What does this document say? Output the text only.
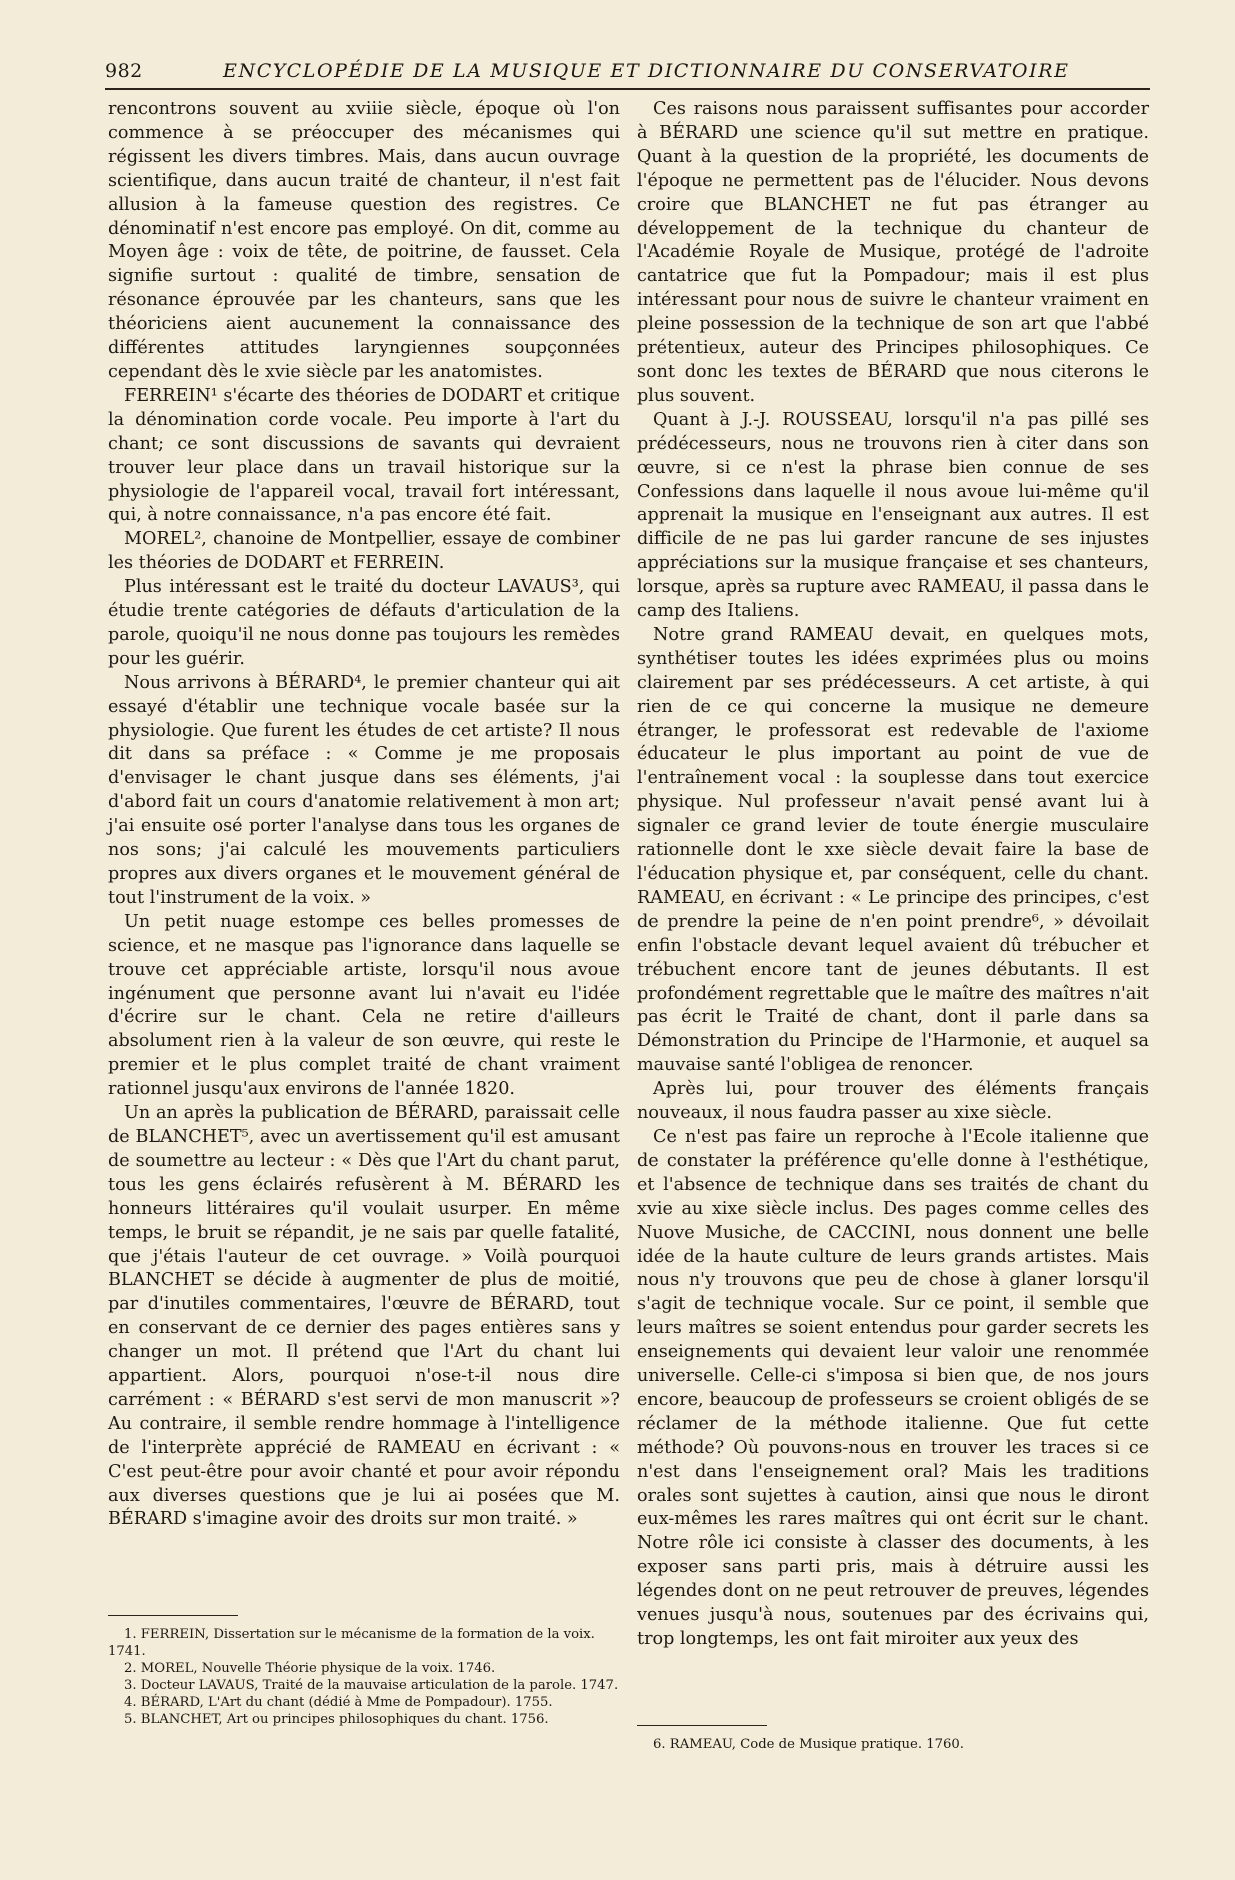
982	ENCYCLOPÉDIE DE LA MUSIQUE ET DICTIONNAIRE DU CONSERVATOIRE

rencontrons souvent au xviiie siècle, époque où l'on commence à se préoccuper des mécanismes qui régissent les divers timbres. Mais, dans aucun ouvrage scientifique, dans aucun traité de chanteur, il n'est fait allusion à la fameuse question des registres. Ce dénominatif n'est encore pas employé. On dit, comme au Moyen âge : voix de tête, de poitrine, de fausset. Cela signifie surtout : qualité de timbre, sensation de résonance éprouvée par les chanteurs, sans que les théoriciens aient aucunement la connaissance des différentes attitudes laryngiennes soupçonnées cependant dès le xvie siècle par les anatomistes.

FERREIN¹ s'écarte des théories de DODART et critique la dénomination corde vocale. Peu importe à l'art du chant; ce sont discussions de savants qui devraient trouver leur place dans un travail historique sur la physiologie de l'appareil vocal, travail fort intéressant, qui, à notre connaissance, n'a pas encore été fait.

MOREL², chanoine de Montpellier, essaye de combiner les théories de DODART et FERREIN.

Plus intéressant est le traité du docteur LAVAUS³, qui étudie trente catégories de défauts d'articulation de la parole, quoiqu'il ne nous donne pas toujours les remèdes pour les guérir.

Nous arrivons à BÉRARD⁴, le premier chanteur qui ait essayé d'établir une technique vocale basée sur la physiologie. Que furent les études de cet artiste? Il nous dit dans sa préface : « Comme je me proposais d'envisager le chant jusque dans ses éléments, j'ai d'abord fait un cours d'anatomie relativement à mon art; j'ai ensuite osé porter l'analyse dans tous les organes de nos sons; j'ai calculé les mouvements particuliers propres aux divers organes et le mouvement général de tout l'instrument de la voix. »

Un petit nuage estompe ces belles promesses de science, et ne masque pas l'ignorance dans laquelle se trouve cet appréciable artiste, lorsqu'il nous avoue ingénument que personne avant lui n'avait eu l'idée d'écrire sur le chant. Cela ne retire d'ailleurs absolument rien à la valeur de son œuvre, qui reste le premier et le plus complet traité de chant vraiment rationnel jusqu'aux environs de l'année 1820.

Un an après la publication de BÉRARD, paraissait celle de BLANCHET⁵, avec un avertissement qu'il est amusant de soumettre au lecteur : « Dès que l'Art du chant parut, tous les gens éclairés refusèrent à M. BÉRARD les honneurs littéraires qu'il voulait usurper. En même temps, le bruit se répandit, je ne sais par quelle fatalité, que j'étais l'auteur de cet ouvrage. » Voilà pourquoi BLANCHET se décide à augmenter de plus de moitié, par d'inutiles commentaires, l'œuvre de BÉRARD, tout en conservant de ce dernier des pages entières sans y changer un mot. Il prétend que l'Art du chant lui appartient. Alors, pourquoi n'ose-t-il nous dire carrément : « BÉRARD s'est servi de mon manuscrit »? Au contraire, il semble rendre hommage à l'intelligence de l'interprète apprécié de RAMEAU en écrivant : « C'est peut-être pour avoir chanté et pour avoir répondu aux diverses questions que je lui ai posées que M. BÉRARD s'imagine avoir des droits sur mon traité. »

Ces raisons nous paraissent suffisantes pour accorder à BÉRARD une science qu'il sut mettre en pratique. Quant à la question de la propriété, les documents de l'époque ne permettent pas de l'élucider. Nous devons croire que BLANCHET ne fut pas étranger au développement de la technique du chanteur de l'Académie Royale de Musique, protégé de l'adroite cantatrice que fut la Pompadour; mais il est plus intéressant pour nous de suivre le chanteur vraiment en pleine possession de la technique de son art que l'abbé prétentieux, auteur des Principes philosophiques. Ce sont donc les textes de BÉRARD que nous citerons le plus souvent.

Quant à J.-J. ROUSSEAU, lorsqu'il n'a pas pillé ses prédécesseurs, nous ne trouvons rien à citer dans son œuvre, si ce n'est la phrase bien connue de ses Confessions dans laquelle il nous avoue lui-même qu'il apprenait la musique en l'enseignant aux autres. Il est difficile de ne pas lui garder rancune de ses injustes appréciations sur la musique française et ses chanteurs, lorsque, après sa rupture avec RAMEAU, il passa dans le camp des Italiens.

Notre grand RAMEAU devait, en quelques mots, synthétiser toutes les idées exprimées plus ou moins clairement par ses prédécesseurs. A cet artiste, à qui rien de ce qui concerne la musique ne demeure étranger, le professorat est redevable de l'axiome éducateur le plus important au point de vue de l'entraînement vocal : la souplesse dans tout exercice physique. Nul professeur n'avait pensé avant lui à signaler ce grand levier de toute énergie musculaire rationnelle dont le xxe siècle devait faire la base de l'éducation physique et, par conséquent, celle du chant. RAMEAU, en écrivant : « Le principe des principes, c'est de prendre la peine de n'en point prendre⁶, » dévoilait enfin l'obstacle devant lequel avaient dû trébucher et trébuchent encore tant de jeunes débutants. Il est profondément regrettable que le maître des maîtres n'ait pas écrit le Traité de chant, dont il parle dans sa Démonstration du Principe de l'Harmonie, et auquel sa mauvaise santé l'obligea de renoncer.

Après lui, pour trouver des éléments français nouveaux, il nous faudra passer au xixe siècle.

Ce n'est pas faire un reproche à l'Ecole italienne que de constater la préférence qu'elle donne à l'esthétique, et l'absence de technique dans ses traités de chant du xvie au xixe siècle inclus. Des pages comme celles des Nuove Musiche, de CACCINI, nous donnent une belle idée de la haute culture de leurs grands artistes. Mais nous n'y trouvons que peu de chose à glaner lorsqu'il s'agit de technique vocale. Sur ce point, il semble que leurs maîtres se soient entendus pour garder secrets les enseignements qui devaient leur valoir une renommée universelle. Celle-ci s'imposa si bien que, de nos jours encore, beaucoup de professeurs se croient obligés de se réclamer de la méthode italienne. Que fut cette méthode? Où pouvons-nous en trouver les traces si ce n'est dans l'enseignement oral? Mais les traditions orales sont sujettes à caution, ainsi que nous le diront eux-mêmes les rares maîtres qui ont écrit sur le chant. Notre rôle ici consiste à classer des documents, à les exposer sans parti pris, mais à détruire aussi les légendes dont on ne peut retrouver de preuves, légendes venues jusqu'à nous, soutenues par des écrivains qui, trop longtemps, les ont fait miroiter aux yeux des

1. FERREIN, Dissertation sur le mécanisme de la formation de la voix. 1741.

2. MOREL, Nouvelle Théorie physique de la voix. 1746.

3. Docteur LAVAUS, Traité de la mauvaise articulation de la parole. 1747.

4. BÉRARD, L'Art du chant (dédié à Mme de Pompadour). 1755.

5. BLANCHET, Art ou principes philosophiques du chant. 1756.

6. RAMEAU, Code de Musique pratique. 1760.
